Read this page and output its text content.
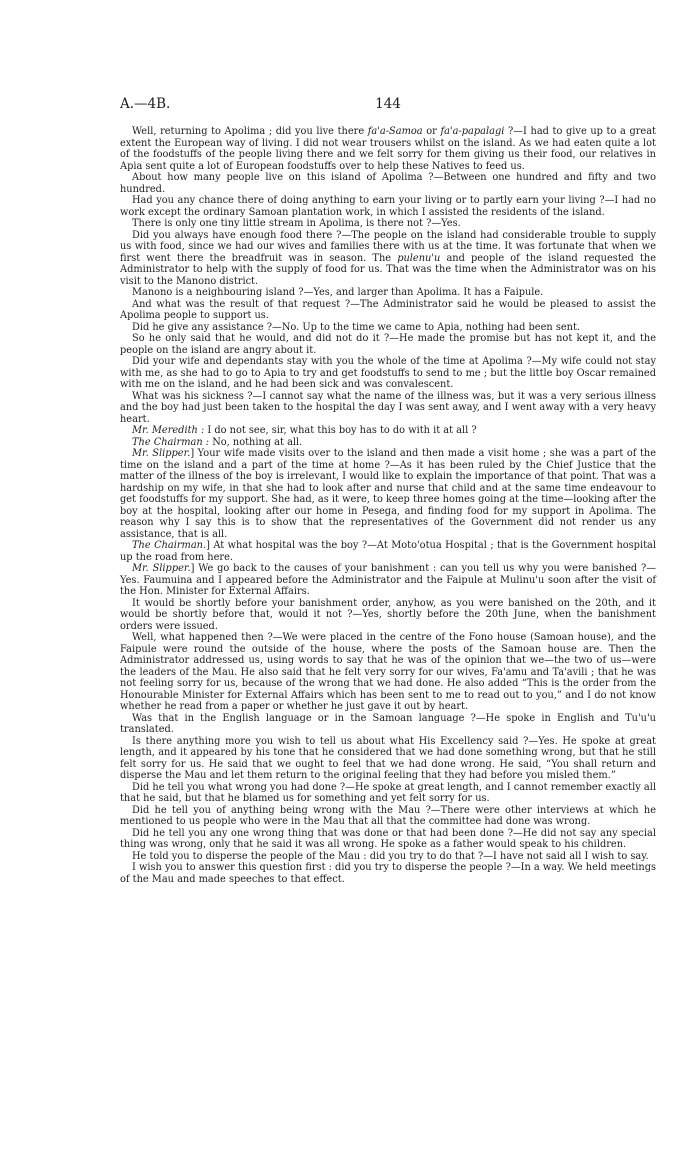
A.—4B.	144

Well, returning to Apolima ; did you live there fa'a-Samoa or fa'a-papalagi ?—I had to give up to a great extent the European way of living. I did not wear trousers whilst on the island. As we had eaten quite a lot of the foodstuffs of the people living there and we felt sorry for them giving us their food, our relatives in Apia sent quite a lot of European foodstuffs over to help these Natives to feed us.

About how many people live on this island of Apolima ?—Between one hundred and fifty and two hundred.

Had you any chance there of doing anything to earn your living or to partly earn your living ?—I had no work except the ordinary Samoan plantation work, in which I assisted the residents of the island.

There is only one tiny little stream in Apolima, is there not ?—Yes.

Did you always have enough food there ?—The people on the island had considerable trouble to supply us with food, since we had our wives and families there with us at the time. It was fortunate that when we first went there the breadfruit was in season. The pulenu'u and people of the island requested the Administrator to help with the supply of food for us. That was the time when the Administrator was on his visit to the Manono district.

Manono is a neighbouring island ?—Yes, and larger than Apolima. It has a Faipule.

And what was the result of that request ?—The Administrator said he would be pleased to assist the Apolima people to support us.

Did he give any assistance ?—No. Up to the time we came to Apia, nothing had been sent.

So he only said that he would, and did not do it ?—He made the promise but has not kept it, and the people on the island are angry about it.

Did your wife and dependants stay with you the whole of the time at Apolima ?—My wife could not stay with me, as she had to go to Apia to try and get foodstuffs to send to me ; but the little boy Oscar remained with me on the island, and he had been sick and was convalescent.

What was his sickness ?—I cannot say what the name of the illness was, but it was a very serious illness and the boy had just been taken to the hospital the day I was sent away, and I went away with a very heavy heart.

Mr. Meredith : I do not see, sir, what this boy has to do with it at all ?

The Chairman : No, nothing at all.

Mr. Slipper.] Your wife made visits over to the island and then made a visit home ; she was a part of the time on the island and a part of the time at home ?—As it has been ruled by the Chief Justice that the matter of the illness of the boy is irrelevant, I would like to explain the importance of that point. That was a hardship on my wife, in that she had to look after and nurse that child and at the same time endeavour to get foodstuffs for my support. She had, as it were, to keep three homes going at the time—looking after the boy at the hospital, looking after our home in Pesega, and finding food for my support in Apolima. The reason why I say this is to show that the representatives of the Government did not render us any assistance, that is all.

The Chairman.] At what hospital was the boy ?—At Moto'otua Hospital ; that is the Government hospital up the road from here.

Mr. Slipper.] We go back to the causes of your banishment : can you tell us why you were banished ?—Yes. Faumuina and I appeared before the Administrator and the Faipule at Mulinu'u soon after the visit of the Hon. Minister for External Affairs.

It would be shortly before your banishment order, anyhow, as you were banished on the 20th, and it would be shortly before that, would it not ?—Yes, shortly before the 20th June, when the banishment orders were issued.

Well, what happened then ?—We were placed in the centre of the Fono house (Samoan house), and the Faipule were round the outside of the house, where the posts of the Samoan house are. Then the Administrator addressed us, using words to say that he was of the opinion that we—the two of us—were the leaders of the Mau. He also said that he felt very sorry for our wives, Fa'amu and Ta'avili ; that he was not feeling sorry for us, because of the wrong that we had done. He also added “This is the order from the Honourable Minister for External Affairs which has been sent to me to read out to you,” and I do not know whether he read from a paper or whether he just gave it out by heart.

Was that in the English language or in the Samoan language ?—He spoke in English and Tu'u'u translated.

Is there anything more you wish to tell us about what His Excellency said ?—Yes. He spoke at great length, and it appeared by his tone that he considered that we had done something wrong, but that he still felt sorry for us. He said that we ought to feel that we had done wrong. He said, “You shall return and disperse the Mau and let them return to the original feeling that they had before you misled them.”

Did he tell you what wrong you had done ?—He spoke at great length, and I cannot remember exactly all that he said, but that he blamed us for something and yet felt sorry for us.

Did he tell you of anything being wrong with the Mau ?—There were other interviews at which he mentioned to us people who were in the Mau that all that the committee had done was wrong.

Did he tell you any one wrong thing that was done or that had been done ?—He did not say any special thing was wrong, only that he said it was all wrong. He spoke as a father would speak to his children.

He told you to disperse the people of the Mau : did you try to do that ?—I have not said all I wish to say.

I wish you to answer this question first : did you try to disperse the people ?—In a way. We held meetings of the Mau and made speeches to that effect.
